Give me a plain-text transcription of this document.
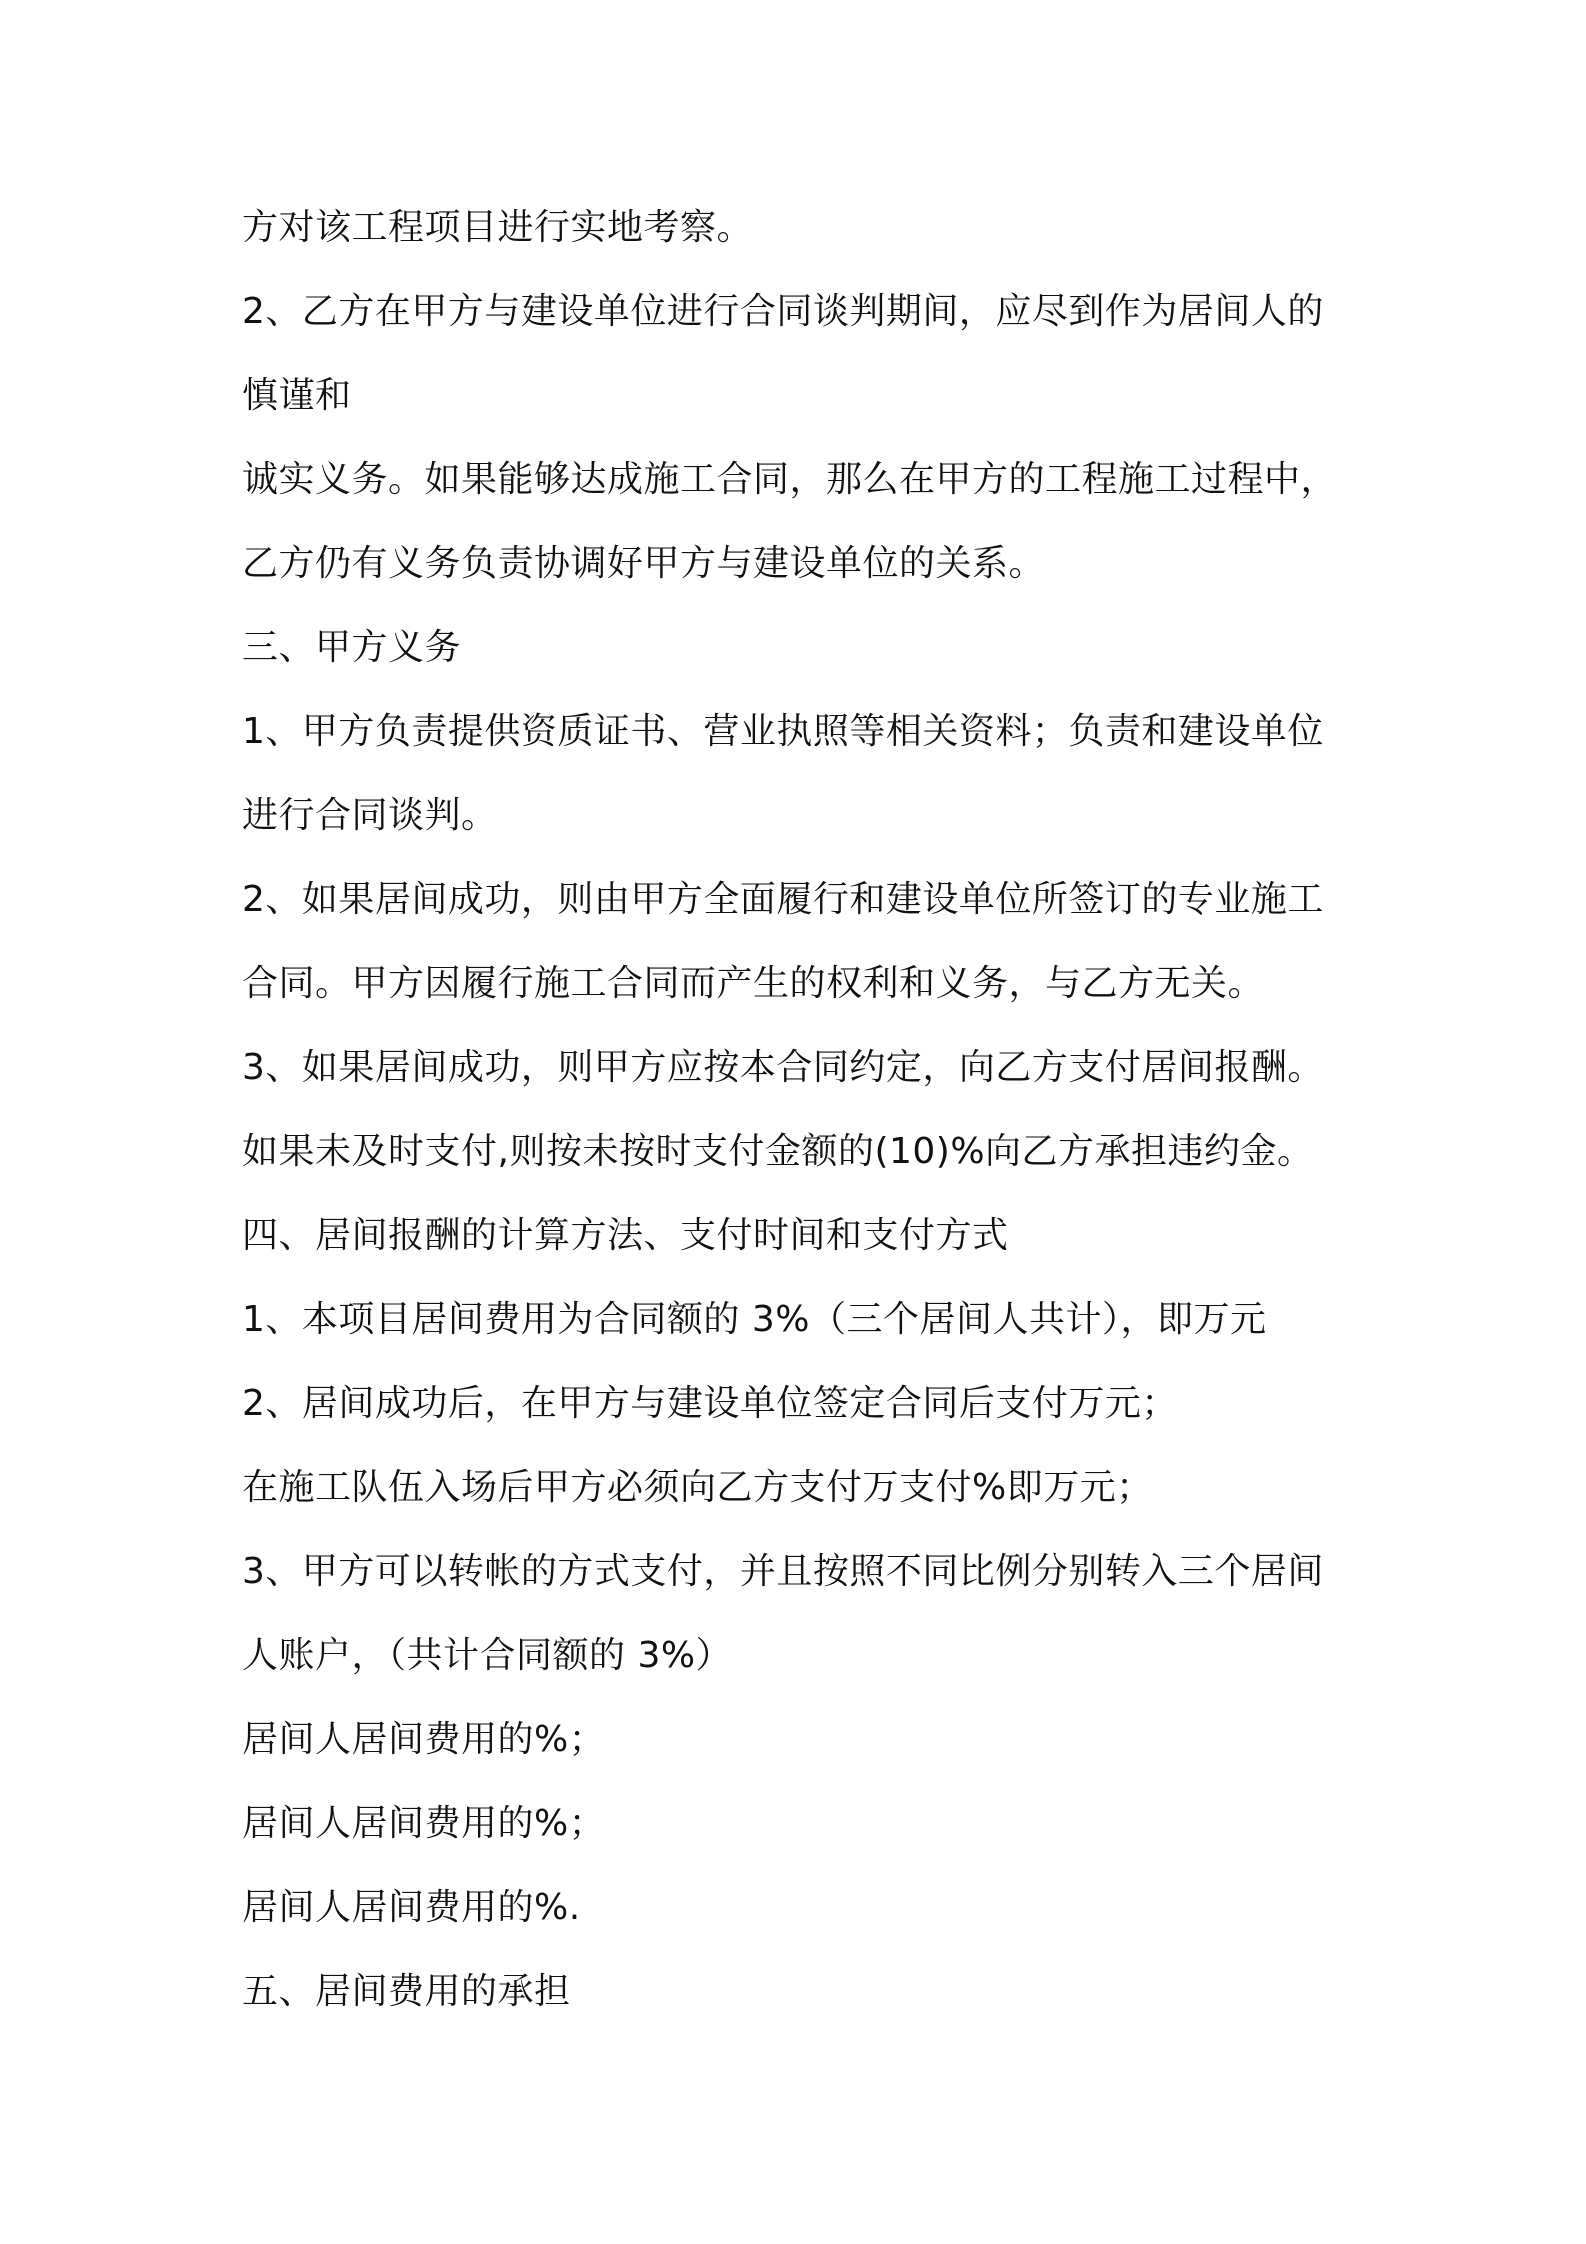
方对该工程项目进行实地考察。
2、乙方在甲方与建设单位进行合同谈判期间，应尽到作为居间人的
慎谨和
诚实义务。如果能够达成施工合同，那么在甲方的工程施工过程中，
乙方仍有义务负责协调好甲方与建设单位的关系。
三、甲方义务
1、甲方负责提供资质证书、营业执照等相关资料；负责和建设单位
进行合同谈判。
2、如果居间成功，则由甲方全面履行和建设单位所签订的专业施工
合同。甲方因履行施工合同而产生的权利和义务，与乙方无关。
3、如果居间成功，则甲方应按本合同约定，向乙方支付居间报酬。
如果未及时支付,则按未按时支付金额的(10)%向乙方承担违约金。
四、居间报酬的计算方法、支付时间和支付方式
1、本项目居间费用为合同额的 3%（三个居间人共计），即万元
2、居间成功后，在甲方与建设单位签定合同后支付万元；
在施工队伍入场后甲方必须向乙方支付万支付%即万元；
3、甲方可以转帐的方式支付，并且按照不同比例分别转入三个居间
人账户，（共计合同额的 3%）
居间人居间费用的%；
居间人居间费用的%；
居间人居间费用的%.
五、居间费用的承担
